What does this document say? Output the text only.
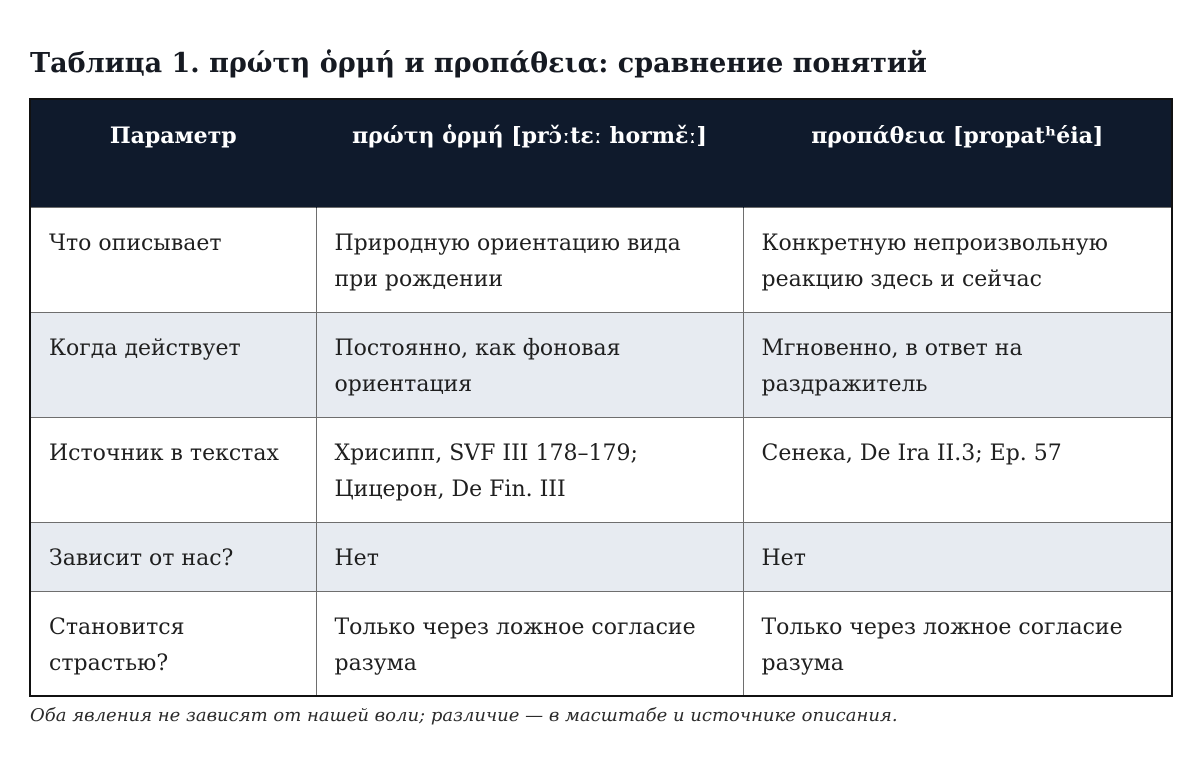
Таблица 1. πρώτη ὁρμή и προπάθεια: сравнение понятий
Параметр	πρώτη ὁρμή [prɔ̌ːtɛː hormɛ̌ː]	προπάθεια [propatʰéia]
Что описывает	Природную ориентацию вида при рождении	Конкретную непроизвольную реакцию здесь и сейчас
Когда действует	Постоянно, как фоновая ориентация	Мгновенно, в ответ на раздражитель
Источник в текстах	Хрисипп, SVF III 178–179; Цицерон, De Fin. III	Сенека, De Ira II.3; Ep. 57
Зависит от нас?	Нет	Нет
Становится страстью?	Только через ложное согласие разума	Только через ложное согласие разума

Оба явления не зависят от нашей воли; различие — в масштабе и источнике описания.
